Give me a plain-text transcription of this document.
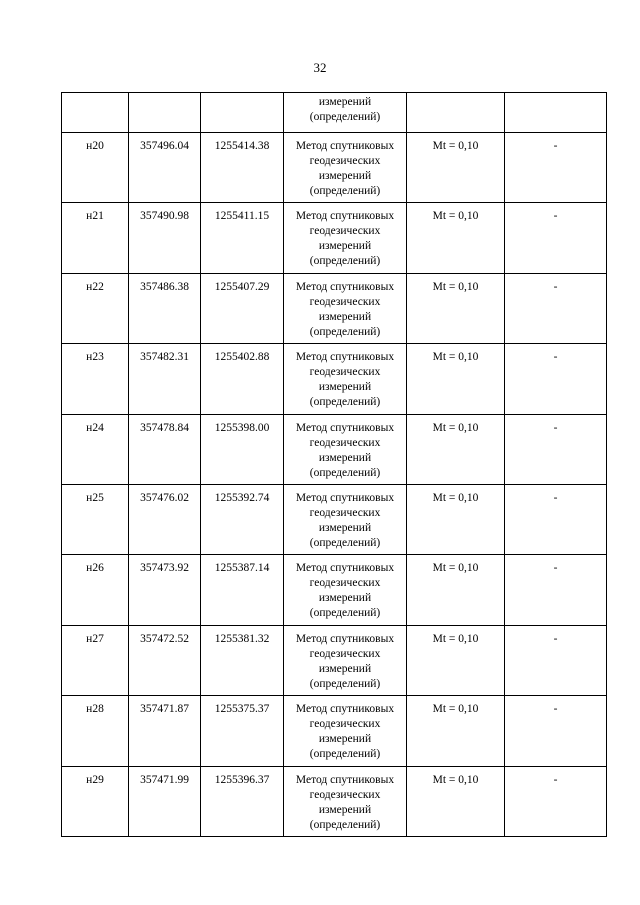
32
			измерений
(определений)		
н20	357496.04	1255414.38	Метод спутниковых
геодезических
измерений
(определений)	Mt = 0,10	-
н21	357490.98	1255411.15	Метод спутниковых
геодезических
измерений
(определений)	Mt = 0,10	-
н22	357486.38	1255407.29	Метод спутниковых
геодезических
измерений
(определений)	Mt = 0,10	-
н23	357482.31	1255402.88	Метод спутниковых
геодезических
измерений
(определений)	Mt = 0,10	-
н24	357478.84	1255398.00	Метод спутниковых
геодезических
измерений
(определений)	Mt = 0,10	-
н25	357476.02	1255392.74	Метод спутниковых
геодезических
измерений
(определений)	Mt = 0,10	-
н26	357473.92	1255387.14	Метод спутниковых
геодезических
измерений
(определений)	Mt = 0,10	-
н27	357472.52	1255381.32	Метод спутниковых
геодезических
измерений
(определений)	Mt = 0,10	-
н28	357471.87	1255375.37	Метод спутниковых
геодезических
измерений
(определений)	Mt = 0,10	-
н29	357471.99	1255396.37	Метод спутниковых
геодезических
измерений
(определений)	Mt = 0,10	-
